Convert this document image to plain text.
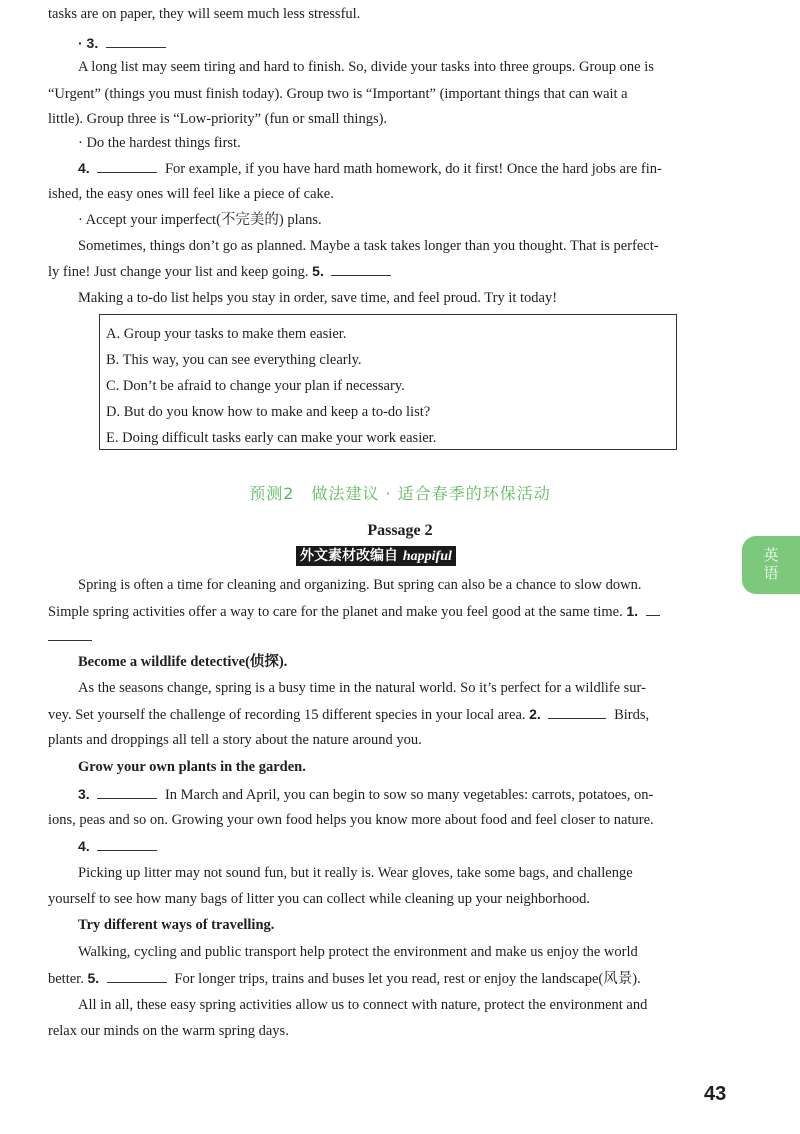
tasks are on paper, they will seem much less stressful.
· 3.
A long list may seem tiring and hard to finish. So, divide your tasks into three groups. Group one is
“Urgent” (things you must finish today). Group two is “Important” (important things that can wait a
little). Group three is “Low-priority” (fun or small things).
· Do the hardest things first.
4.	For example, if you have hard math homework, do it first! Once the hard jobs are fin-
ished, the easy ones will feel like a piece of cake.
· Accept your imperfect(不完美的) plans.
Sometimes, things don’t go as planned. Maybe a task takes longer than you thought. That is perfect-
ly fine! Just change your list and keep going. 5.
Making a to-do list helps you stay in order, save time, and feel proud. Try it today!
A. Group your tasks to make them easier.
B. This way, you can see everything clearly.
C. Don’t be afraid to change your plan if necessary.
D. But do you know how to make and keep a to-do list?
E. Doing difficult tasks early can make your work easier.
预测2　做法建议 · 适合春季的环保活动
Passage 2
外文素材改编自 happiful
Spring is often a time for cleaning and organizing. But spring can also be a chance to slow down.
Simple spring activities offer a way to care for the planet and make you feel good at the same time. 1.
Become a wildlife detective(侦探).
As the seasons change, spring is a busy time in the natural world. So it’s perfect for a wildlife sur-
vey. Set yourself the challenge of recording 15 different species in your local area. 2.	Birds,
plants and droppings all tell a story about the nature around you.
Grow your own plants in the garden.
3.	In March and April, you can begin to sow so many vegetables: carrots, potatoes, on-
ions, peas and so on. Growing your own food helps you know more about food and feel closer to nature.
4.
Picking up litter may not sound fun, but it really is. Wear gloves, take some bags, and challenge
yourself to see how many bags of litter you can collect while cleaning up your neighborhood.
Try different ways of travelling.
Walking, cycling and public transport help protect the environment and make us enjoy the world
better. 5.	For longer trips, trains and buses let you read, rest or enjoy the landscape(风景).
All in all, these easy spring activities allow us to connect with nature, protect the environment and
relax our minds on the warm spring days.
英
语
43
